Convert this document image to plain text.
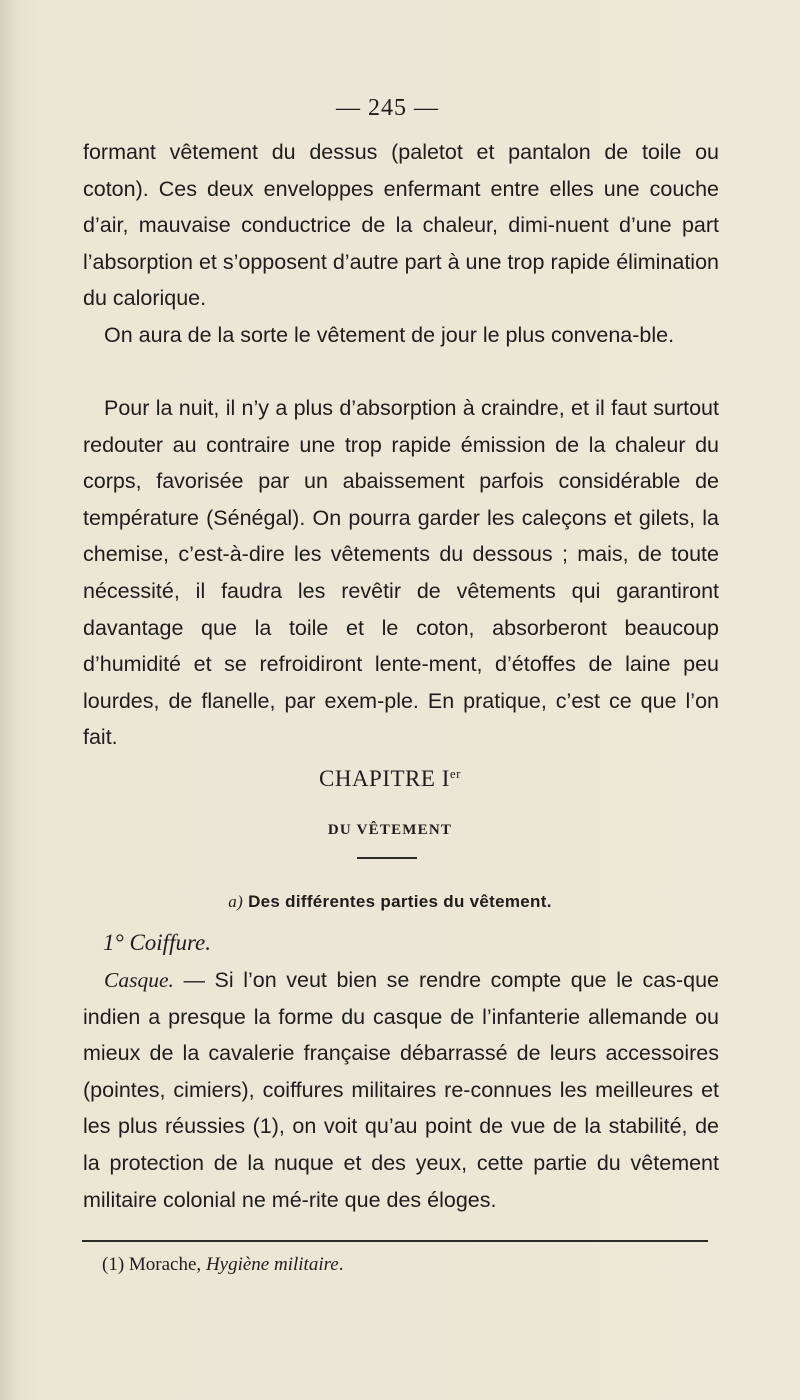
— 245 —

formant vêtement du dessus (paletot et pantalon de toile ou coton). Ces deux enveloppes enfermant entre elles une couche d’air, mauvaise conductrice de la chaleur, dimi-nuent d’une part l’absorption et s’opposent d’autre part à une trop rapide élimination du calorique.

On aura de la sorte le vêtement de jour le plus convena-ble.

Pour la nuit, il n’y a plus d’absorption à craindre, et il faut surtout redouter au contraire une trop rapide émission de la chaleur du corps, favorisée par un abaissement parfois considérable de température (Sénégal). On pourra garder les caleçons et gilets, la chemise, c’est-à-dire les vêtements du dessous ; mais, de toute nécessité, il faudra les revêtir de vêtements qui garantiront davantage que la toile et le coton, absorberont beaucoup d’humidité et se refroidiront lente-ment, d’étoffes de laine peu lourdes, de flanelle, par exem-ple. En pratique, c’est ce que l’on fait.

CHAPITRE Ier
DU VÊTEMENT
a) Des différentes parties du vêtement.
1° Coiffure.

Casque. — Si l’on veut bien se rendre compte que le cas-que indien a presque la forme du casque de l’infanterie allemande ou mieux de la cavalerie française débarrassé de leurs accessoires (pointes, cimiers), coiffures militaires re-connues les meilleures et les plus réussies (1), on voit qu’au point de vue de la stabilité, de la protection de la nuque et des yeux, cette partie du vêtement militaire colonial ne mé-rite que des éloges.

(1) Morache, Hygiène militaire.
